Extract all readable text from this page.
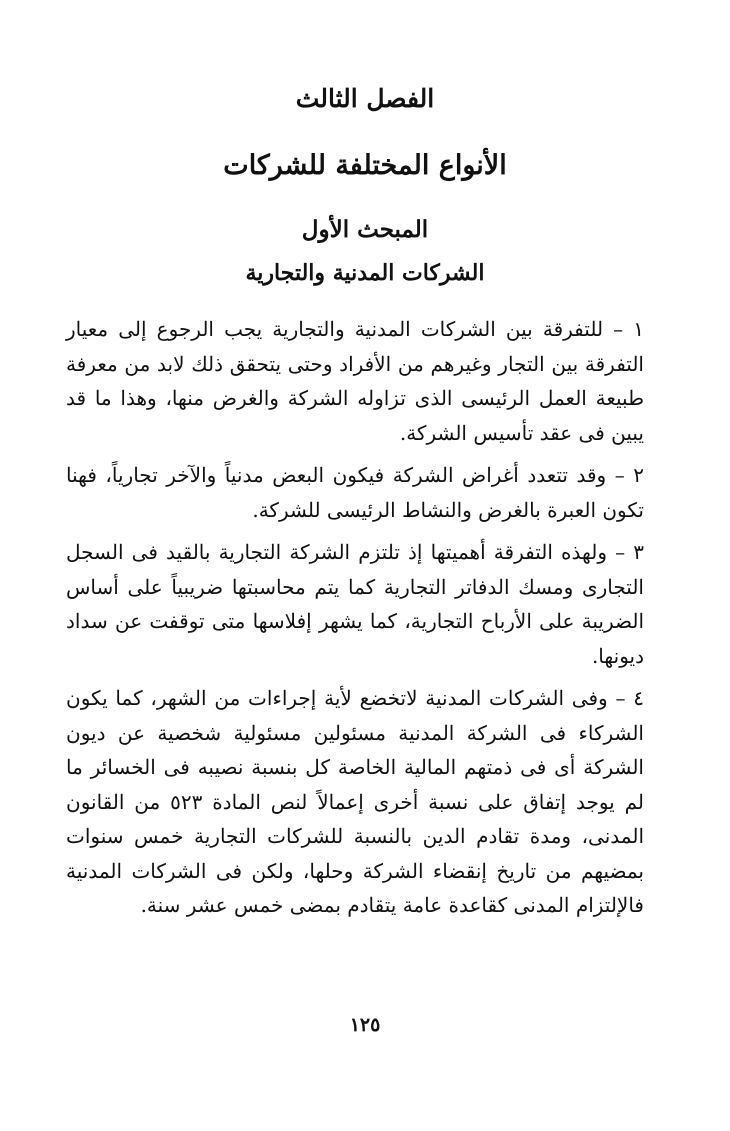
الفصل الثالث
الأنواع المختلفة للشركات
المبحث الأول
الشركات المدنية والتجارية

١ – للتفرقة بين الشركات المدنية والتجارية يجب الرجوع إلى معيار التفرقة بين التجار وغيرهم من الأفراد وحتى يتحقق ذلك لابد من معرفة طبيعة العمل الرئيسى الذى تزاوله الشركة والغرض منها، وهذا ما قد يبين فى عقد تأسيس الشركة.

٢ – وقد تتعدد أغراض الشركة فيكون البعض مدنياً والآخر تجارياً، فهنا تكون العبرة بالغرض والنشاط الرئيسى للشركة.

٣ – ولهذه التفرقة أهميتها إذ تلتزم الشركة التجارية بالقيد فى السجل التجارى ومسك الدفاتر التجارية كما يتم محاسبتها ضريبياً على أساس الضريبة على الأرباح التجارية، كما يشهر إفلاسها متى توقفت عن سداد ديونها.

٤ – وفى الشركات المدنية لاتخضع لأية إجراءات من الشهر، كما يكون الشركاء فى الشركة المدنية مسئولين مسئولية شخصية عن ديون الشركة أى فى ذمتهم المالية الخاصة كل بنسبة نصيبه فى الخسائر ما لم يوجد إتفاق على نسبة أخرى إعمالاً لنص المادة ٥٢٣ من القانون المدنى، ومدة تقادم الدين بالنسبة للشركات التجارية خمس سنوات بمضيهم من تاريخ إنقضاء الشركة وحلها، ولكن فى الشركات المدنية فالإلتزام المدنى كقاعدة عامة يتقادم بمضى خمس عشر سنة.

١٢٥
